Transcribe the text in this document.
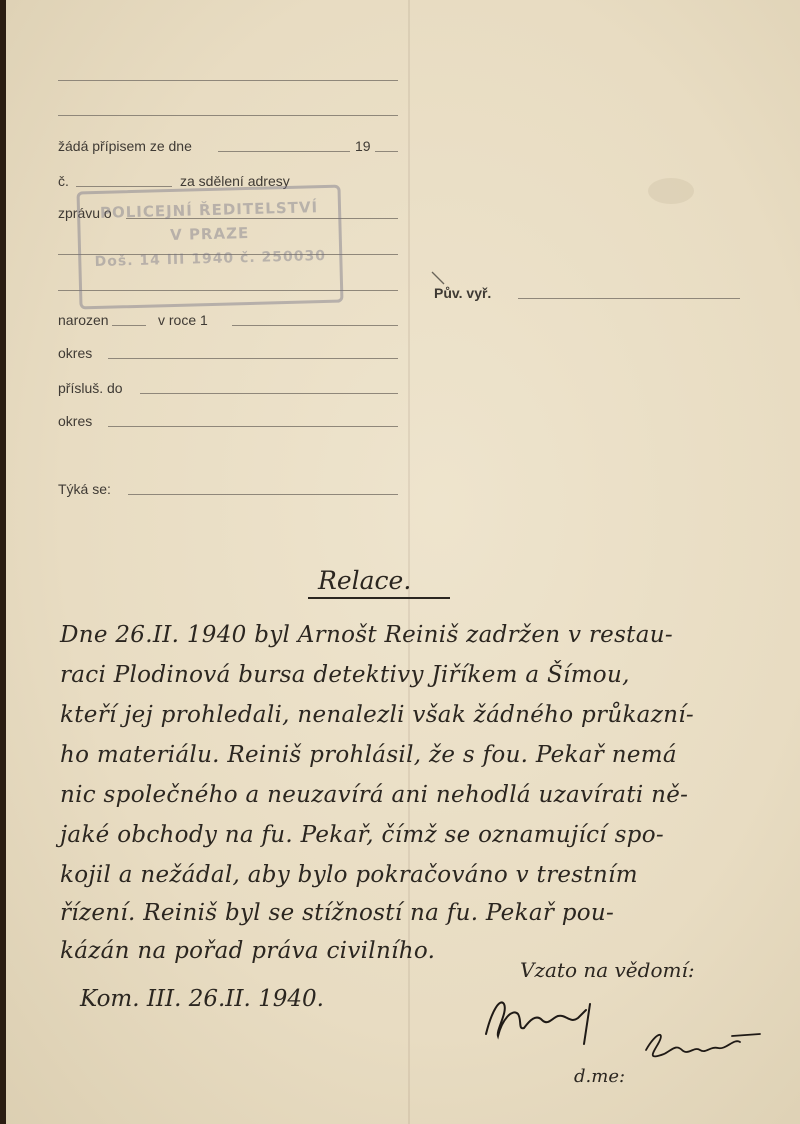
žádá přípisem ze dne	19
č.	za sdělení adresy
zprávu o
POLICEJNÍ ŘEDITELSTVÍ
V PRAZE
Doš. 14 III 1940 č. 250030
Pův. vyř.
narozen	v roce 1
okres
přísluš. do
okres
Týká se:
Relace.
Dne 26.II. 1940 byl Arnošt Reiniš zadržen v restau-
raci Plodinová bursa detektivy Jiříkem a Šímou,
kteří jej prohledali, nenalezli však žádného průkazní-
ho materiálu. Reiniš prohlásil, že s fou. Pekař nemá
nic společného a neuzavírá ani nehodlá uzavírati ně-
jaké obchody na fu. Pekař, čímž se oznamující spo-
kojil a nežádal, aby bylo pokračováno v trestním
řízení. Reiniš byl se stížností na fu. Pekař pou-
kázán na pořad práva civilního.
Vzato na vědomí:
Kom. III. 26.II. 1940.
d.me:
